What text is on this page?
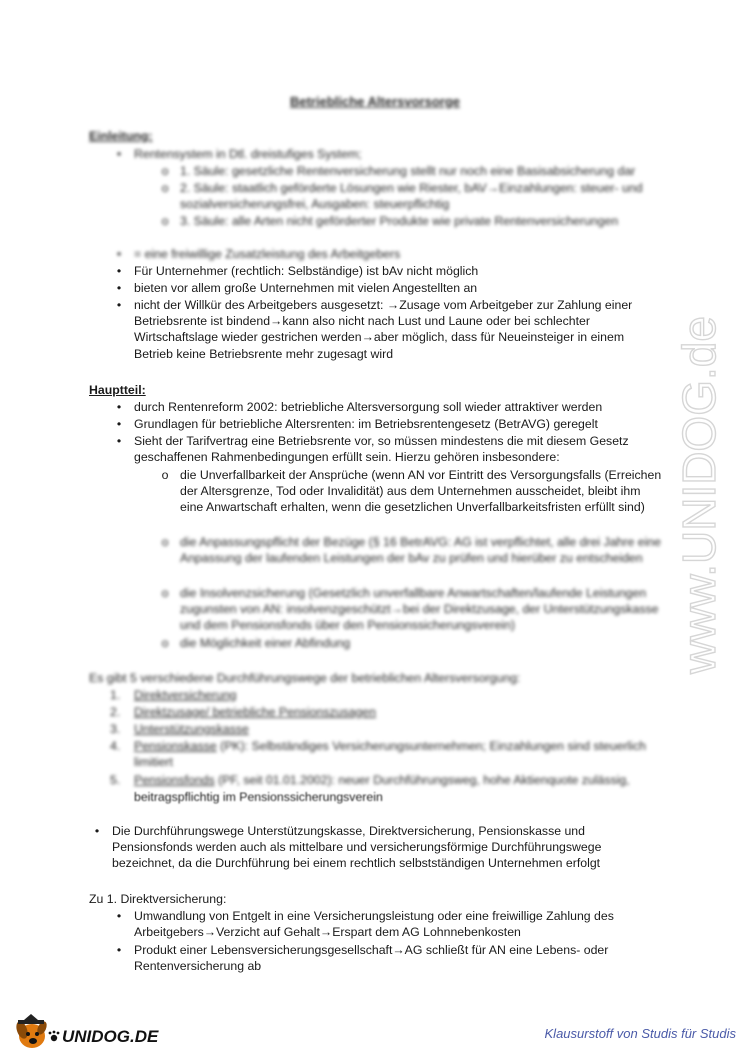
Betriebliche Altersvorsorge
Einleitung:
•	Rentensystem in Dtl. dreistufiges System;
o 1. Säule: gesetzliche Rentenversicherung stellt nur noch eine Basisabsicherung dar
o 2. Säule: staatlich geförderte Lösungen wie Riester, bAV→Einzahlungen: steuer- und sozialversicherungsfrei, Ausgaben: steuerpflichtig
o 3. Säule: alle Arten nicht geförderter Produkte wie private Rentenversicherungen
•	= eine freiwillige Zusatzleistung des Arbeitgebers
•	Für Unternehmer (rechtlich: Selbständige) ist bAv nicht möglich
•	bieten vor allem große Unternehmen mit vielen Angestellten an
•	nicht der Willkür des Arbeitgebers ausgesetzt: →Zusage vom Arbeitgeber zur Zahlung einer Betriebsrente ist bindend→kann also nicht nach Lust und Laune oder bei schlechter Wirtschaftslage wieder gestrichen werden→aber möglich, dass für Neueinsteiger in einem Betrieb keine Betriebsrente mehr zugesagt wird
Hauptteil:
•	durch Rentenreform 2002: betriebliche Altersversorgung soll wieder attraktiver werden
•	Grundlagen für betriebliche Altersrenten: im Betriebsrentengesetz (BetrAVG) geregelt
•	Sieht der Tarifvertrag eine Betriebsrente vor, so müssen mindestens die mit diesem Gesetz geschaffenen Rahmenbedingungen erfüllt sein. Hierzu gehören insbesondere:
o die Unverfallbarkeit der Ansprüche (wenn AN vor Eintritt des Versorgungsfalls (Erreichen der Altersgrenze, Tod oder Invalidität) aus dem Unternehmen ausscheidet, bleibt ihm eine Anwartschaft erhalten, wenn die gesetzlichen Unverfallbarkeitsfristen erfüllt sind)
o die Anpassungspflicht der Bezüge (§ 16 BetrAVG: AG ist verpflichtet, alle drei Jahre eine Anpassung der laufenden Leistungen der bAv zu prüfen und hierüber zu entscheiden
o die Insolvenzsicherung (Gesetzlich unverfallbare Anwartschaften/laufende Leistungen zugunsten von AN: insolvenzgeschützt→bei der Direktzusage, der Unterstützungskasse und dem Pensionsfonds über den Pensionssicherungsverein)
o die Möglichkeit einer Abfindung
Es gibt 5 verschiedene Durchführungswege der betrieblichen Altersversorgung:
1.	Direktversicherung
2.	Direktzusage/ betriebliche Pensionszusagen
3.	Unterstützungskasse
4.	Pensionskasse (PK): Selbständiges Versicherungsunternehmen; Einzahlungen sind steuerlich limitiert
5.	Pensionsfonds (PF, seit 01.01.2002): neuer Durchführungsweg, hohe Aktienquote zulässig,
beitragspflichtig im Pensionssicherungsverein
•	Die Durchführungswege Unterstützungskasse, Direktversicherung, Pensionskasse und Pensionsfonds werden auch als mittelbare und versicherungsförmige Durchführungswege bezeichnet, da die Durchführung bei einem rechtlich selbstständigen Unternehmen erfolgt
Zu 1. Direktversicherung:
•	Umwandlung von Entgelt in eine Versicherungsleistung oder eine freiwillige Zahlung des Arbeitgebers→Verzicht auf Gehalt→Erspart dem AG Lohnnebenkosten
•	Produkt einer Lebensversicherungsgesellschaft→AG schließt für AN eine Lebens- oder Rentenversicherung ab
www.UNIDOG.de
UNIDOG.DE	Klausurstoff von Studis für Studis
